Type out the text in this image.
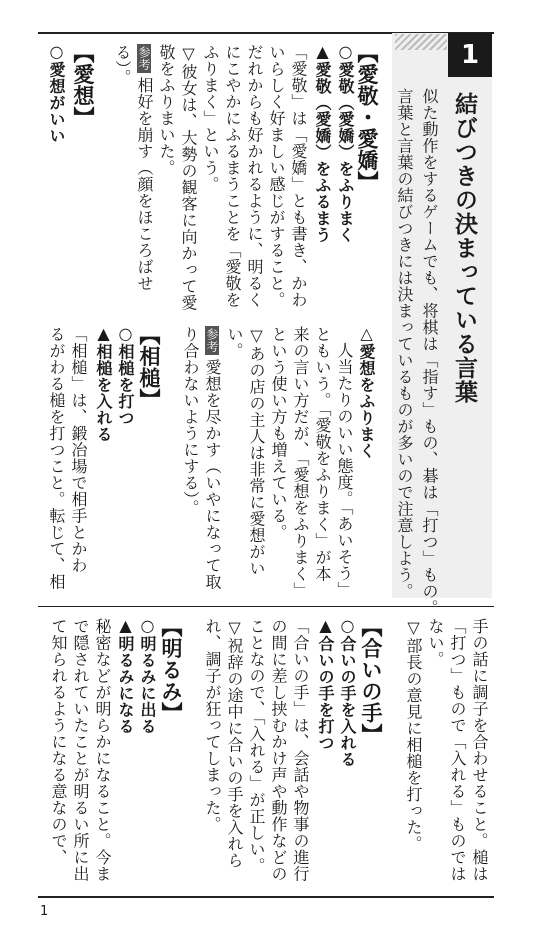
1
結びつきの決まっている言葉
似た動作をするゲームでも、将棋は「指す」もの、碁は「打つ」もの。
言葉と言葉の結びつきには決まっているものが多いので注意しよう。
【愛敬・愛嬌】
○愛敬（愛嬌）をふりまく
▲愛敬（愛嬌）をふるまう
「愛敬」は「愛嬌」とも書き、かわ
いらしく好ましい感じがすること。
だれからも好かれるように、明るく
にこやかにふるまうことを「愛敬を
ふりまく」という。
▽彼女は、大勢の観客に向かって愛
敬をふりまいた。
参考相好を崩す（顔をほころばせ
る）。
【愛想】
○愛想がいい
△愛想をふりまく
人当たりのいい態度。「あいそう」
ともいう。「愛敬をふりまく」が本
来の言い方だが、「愛想をふりまく」
という使い方も増えている。
▽あの店の主人は非常に愛想がい
い。
参考愛想を尽かす（いやになって取
り合わないようにする）。
【相槌】
○相槌を打つ
▲相槌を入れる
「相槌」は、鍛冶場で相手とかわ
るがわる槌を打つこと。転じて、相
手の話に調子を合わせること。槌は
「打つ」もので「入れる」ものでは
ない。
▽部長の意見に相槌を打った。
【合いの手】
○合いの手を入れる
▲合いの手を打つ
「合いの手」は、会話や物事の進行
の間に差し挟むかけ声や動作などの
ことなので、「入れる」が正しい。
▽祝辞の途中に合いの手を入れら
れ、調子が狂ってしまった。
【明るみ】
○明るみに出る
▲明るみになる
秘密などが明らかになること。今ま
で隠されていたことが明るい所に出
て知られるようになる意なので、
1
